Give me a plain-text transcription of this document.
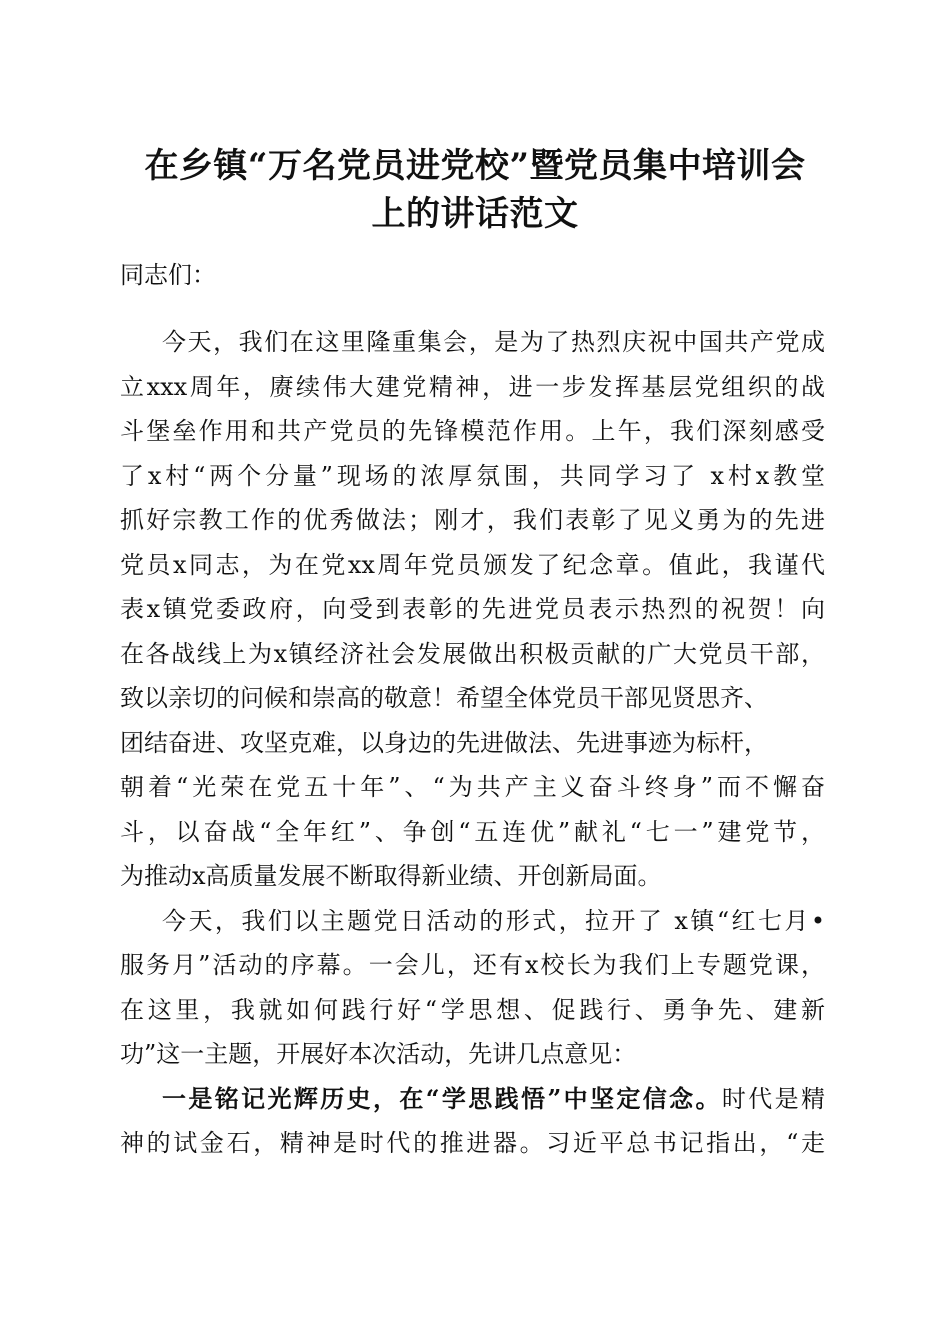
在乡镇“万名党员进党校”暨党员集中培训会
上的讲话范文
同志们：
今天，我们在这里隆重集会，是为了热烈庆祝中国共产党成
立xxx周年，赓续伟大建党精神，进一步发挥基层党组织的战
斗堡垒作用和共产党员的先锋模范作用。上午，我们深刻感受
了x村“两个分量”现场的浓厚氛围，共同学习了 x村x教堂
抓好宗教工作的优秀做法；刚才，我们表彰了见义勇为的先进
党员x同志，为在党xx周年党员颁发了纪念章。值此，我谨代
表x镇党委政府，向受到表彰的先进党员表示热烈的祝贺！向
在各战线上为x镇经济社会发展做出积极贡献的广大党员干部，
致以亲切的问候和崇高的敬意！希望全体党员干部见贤思齐、
团结奋进、攻坚克难，以身边的先进做法、先进事迹为标杆，
朝着“光荣在党五十年”、“为共产主义奋斗终身”而不懈奋
斗，以奋战“全年红”、争创“五连优”献礼“七一”建党节，
为推动x高质量发展不断取得新业绩、开创新局面。
今天，我们以主题党日活动的形式，拉开了 x镇“红七月•
服务月”活动的序幕。一会儿，还有x校长为我们上专题党课，
在这里，我就如何践行好“学思想、促践行、勇争先、建新
功”这一主题，开展好本次活动，先讲几点意见：
一是铭记光辉历史，在“学思践悟”中坚定信念。时代是精
神的试金石，精神是时代的推进器。习近平总书记指出，“走
